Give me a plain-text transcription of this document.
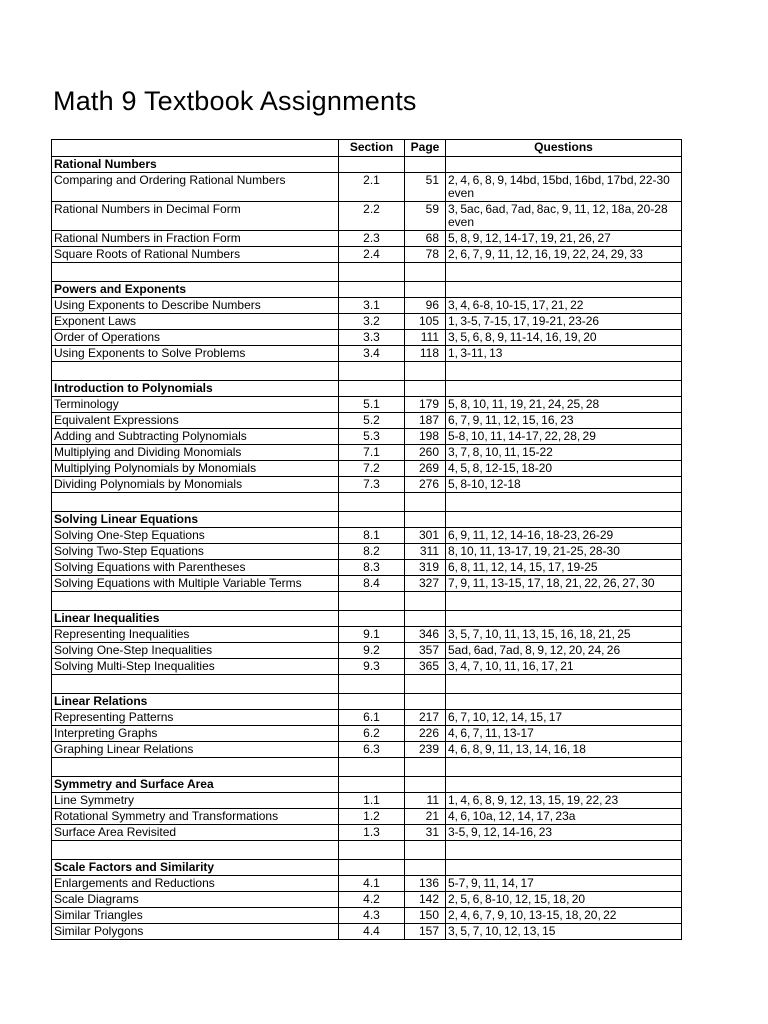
Math 9 Textbook Assignments
	Section	Page	Questions
Rational Numbers			
Comparing and Ordering Rational Numbers	2.1	51	2, 4, 6, 8, 9, 14bd, 15bd, 16bd, 17bd, 22-30 even
Rational Numbers in Decimal Form	2.2	59	3, 5ac, 6ad, 7ad, 8ac, 9, 11, 12, 18a, 20-28 even
Rational Numbers in Fraction Form	2.3	68	5, 8, 9, 12, 14-17, 19, 21, 26, 27
Square Roots of Rational Numbers	2.4	78	2, 6, 7, 9, 11, 12, 16, 19, 22, 24, 29, 33

Powers and Exponents			
Using Exponents to Describe Numbers	3.1	96	3, 4, 6-8, 10-15, 17, 21, 22
Exponent Laws	3.2	105	1, 3-5, 7-15, 17, 19-21, 23-26
Order of Operations	3.3	111	3, 5, 6, 8, 9, 11-14, 16, 19, 20
Using Exponents to Solve Problems	3.4	118	1, 3-11, 13

Introduction to Polynomials			
Terminology	5.1	179	5, 8, 10, 11, 19, 21, 24, 25, 28
Equivalent Expressions	5.2	187	6, 7, 9, 11, 12, 15, 16, 23
Adding and Subtracting Polynomials	5.3	198	5-8, 10, 11, 14-17, 22, 28, 29
Multiplying and Dividing Monomials	7.1	260	3, 7, 8, 10, 11, 15-22
Multiplying Polynomials by Monomials	7.2	269	4, 5, 8, 12-15, 18-20
Dividing Polynomials by Monomials	7.3	276	5, 8-10, 12-18

Solving Linear Equations			
Solving One-Step Equations	8.1	301	6, 9, 11, 12, 14-16, 18-23, 26-29
Solving Two-Step Equations	8.2	311	8, 10, 11, 13-17, 19, 21-25, 28-30
Solving Equations with Parentheses	8.3	319	6, 8, 11, 12, 14, 15, 17, 19-25
Solving Equations with Multiple Variable Terms	8.4	327	7, 9, 11, 13-15, 17, 18, 21, 22, 26, 27, 30

Linear Inequalities			
Representing Inequalities	9.1	346	3, 5, 7, 10, 11, 13, 15, 16, 18, 21, 25
Solving One-Step Inequalities	9.2	357	5ad, 6ad, 7ad, 8, 9, 12, 20, 24, 26
Solving Multi-Step Inequalities	9.3	365	3, 4, 7, 10, 11, 16, 17, 21

Linear Relations			
Representing Patterns	6.1	217	6, 7, 10, 12, 14, 15, 17
Interpreting Graphs	6.2	226	4, 6, 7, 11, 13-17
Graphing Linear Relations	6.3	239	4, 6, 8, 9, 11, 13, 14, 16, 18

Symmetry and Surface Area			
Line Symmetry	1.1	11	1, 4, 6, 8, 9, 12, 13, 15, 19, 22, 23
Rotational Symmetry and Transformations	1.2	21	4, 6, 10a, 12, 14, 17, 23a
Surface Area Revisited	1.3	31	3-5, 9, 12, 14-16, 23

Scale Factors and Similarity			
Enlargements and Reductions	4.1	136	5-7, 9, 11, 14, 17
Scale Diagrams	4.2	142	2, 5, 6, 8-10, 12, 15, 18, 20
Similar Triangles	4.3	150	2, 4, 6, 7, 9, 10, 13-15, 18, 20, 22
Similar Polygons	4.4	157	3, 5, 7, 10, 12, 13, 15
